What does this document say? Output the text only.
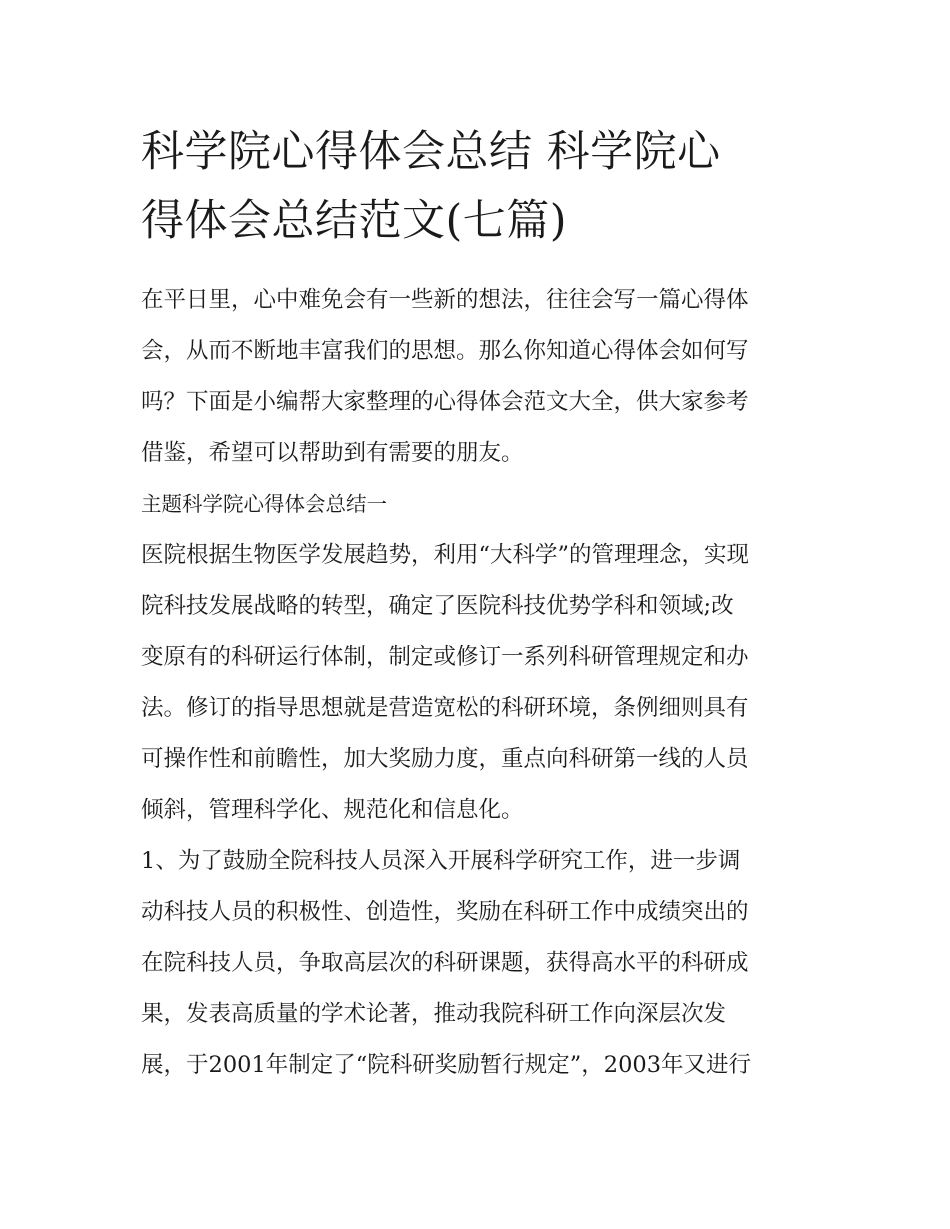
科学院心得体会总结 科学院心
得体会总结范文(七篇)

在平日里，心中难免会有一些新的想法，往往会写一篇心得体
会，从而不断地丰富我们的思想。那么你知道心得体会如何写
吗？下面是小编帮大家整理的心得体会范文大全，供大家参考
借鉴，希望可以帮助到有需要的朋友。

主题科学院心得体会总结一

医院根据生物医学发展趋势，利用“大科学”的管理理念，实现
院科技发展战略的转型，确定了医院科技优势学科和领域;改
变原有的科研运行体制，制定或修订一系列科研管理规定和办
法。修订的指导思想就是营造宽松的科研环境，条例细则具有
可操作性和前瞻性，加大奖励力度，重点向科研第一线的人员
倾斜，管理科学化、规范化和信息化。

1、为了鼓励全院科技人员深入开展科学研究工作，进一步调
动科技人员的积极性、创造性，奖励在科研工作中成绩突出的
在院科技人员，争取高层次的科研课题，获得高水平的科研成
果，发表高质量的学术论著，推动我院科研工作向深层次发
展，于2001年制定了“院科研奖励暂行规定”，2003年又进行
